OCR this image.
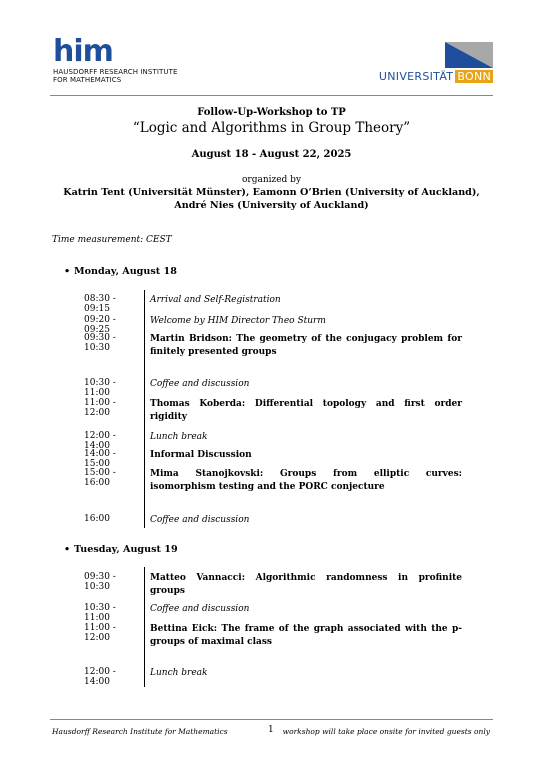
him
HAUSDORFF RESEARCH INSTITUTE
FOR MATHEMATICS	UNIVERSITÄT BONN
Follow-Up-Workshop to TP
“Logic and Algorithms in Group Theory”
August 18 - August 22, 2025
organized by
Katrin Tent (Universität Münster), Eamonn O’Brien (University of Auckland), André Nies (University of Auckland)
Time measurement: CEST
• Monday, August 18
08:30 - 09:15
Arrival and Self-Registration
09:20 - 09:25
Welcome by HIM Director Theo Sturm
09:30 - 10:30
Martin Bridson: The geometry of the conjugacy problem for finitely presented groups
10:30 - 11:00
Coffee and discussion
11:00 - 12:00
Thomas Koberda: Differential topology and first order rigidity
12:00 - 14:00
Lunch break
14:00 - 15:00
Informal Discussion
15:00 - 16:00
Mima Stanojkovski: Groups from elliptic curves: isomorphism testing and the PORC conjecture
16:00	Coffee and discussion
• Tuesday, August 19
09:30 - 10:30
Matteo Vannacci: Algorithmic randomness in profinite groups
10:30 - 11:00
Coffee and discussion
11:00 - 12:00
Bettina Eick: The frame of the graph associated with the p-groups of maximal class
12:00 - 14:00
Lunch break
Hausdorff Research Institute for Mathematics	1 workshop will take place onsite for invited guests only
